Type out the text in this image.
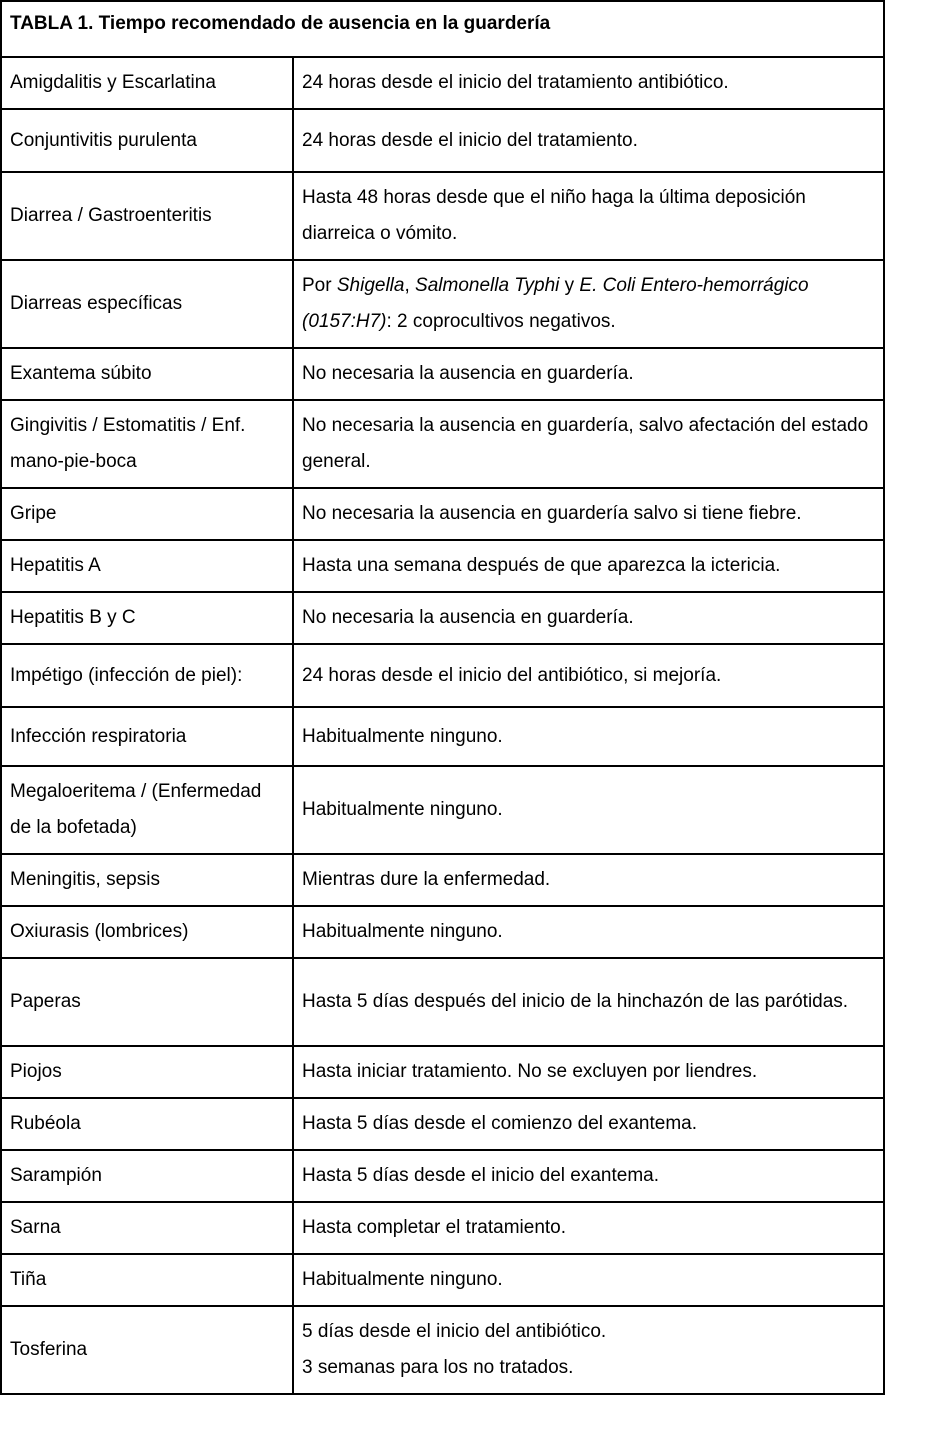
TABLA 1. Tiempo recomendado de ausencia en la guardería	
Amigdalitis y Escarlatina	24 horas desde el inicio del tratamiento antibiótico.
Conjuntivitis purulenta	24 horas desde el inicio del tratamiento.
Diarrea / Gastroenteritis	Hasta 48 horas desde que el niño haga la última deposición diarreica o vómito.
Diarreas específicas	Por Shigella, Salmonella Typhi y E. Coli Entero-hemorrágico (0157:H7): 2 coprocultivos negativos.
Exantema súbito	No necesaria la ausencia en guardería.
Gingivitis / Estomatitis / Enf. mano-pie-boca	No necesaria la ausencia en guardería, salvo afectación del estado general.
Gripe	No necesaria la ausencia en guardería salvo si tiene fiebre.
Hepatitis A	Hasta una semana después de que aparezca la ictericia.
Hepatitis B y C	No necesaria la ausencia en guardería.
Impétigo (infección de piel):	24 horas desde el inicio del antibiótico, si mejoría.
Infección respiratoria	Habitualmente ninguno.
Megaloeritema / (Enfermedad de la bofetada)	Habitualmente ninguno.
Meningitis, sepsis	Mientras dure la enfermedad.
Oxiurasis (lombrices)	Habitualmente ninguno.
Paperas	Hasta 5 días después del inicio de la hinchazón de las parótidas.
Piojos	Hasta iniciar tratamiento. No se excluyen por liendres.
Rubéola	Hasta 5 días desde el comienzo del exantema.
Sarampión	Hasta 5 días desde el inicio del exantema.
Sarna	Hasta completar el tratamiento.
Tiña	Habitualmente ninguno.
Tosferina	5 días desde el inicio del antibiótico.
3 semanas para los no tratados.
